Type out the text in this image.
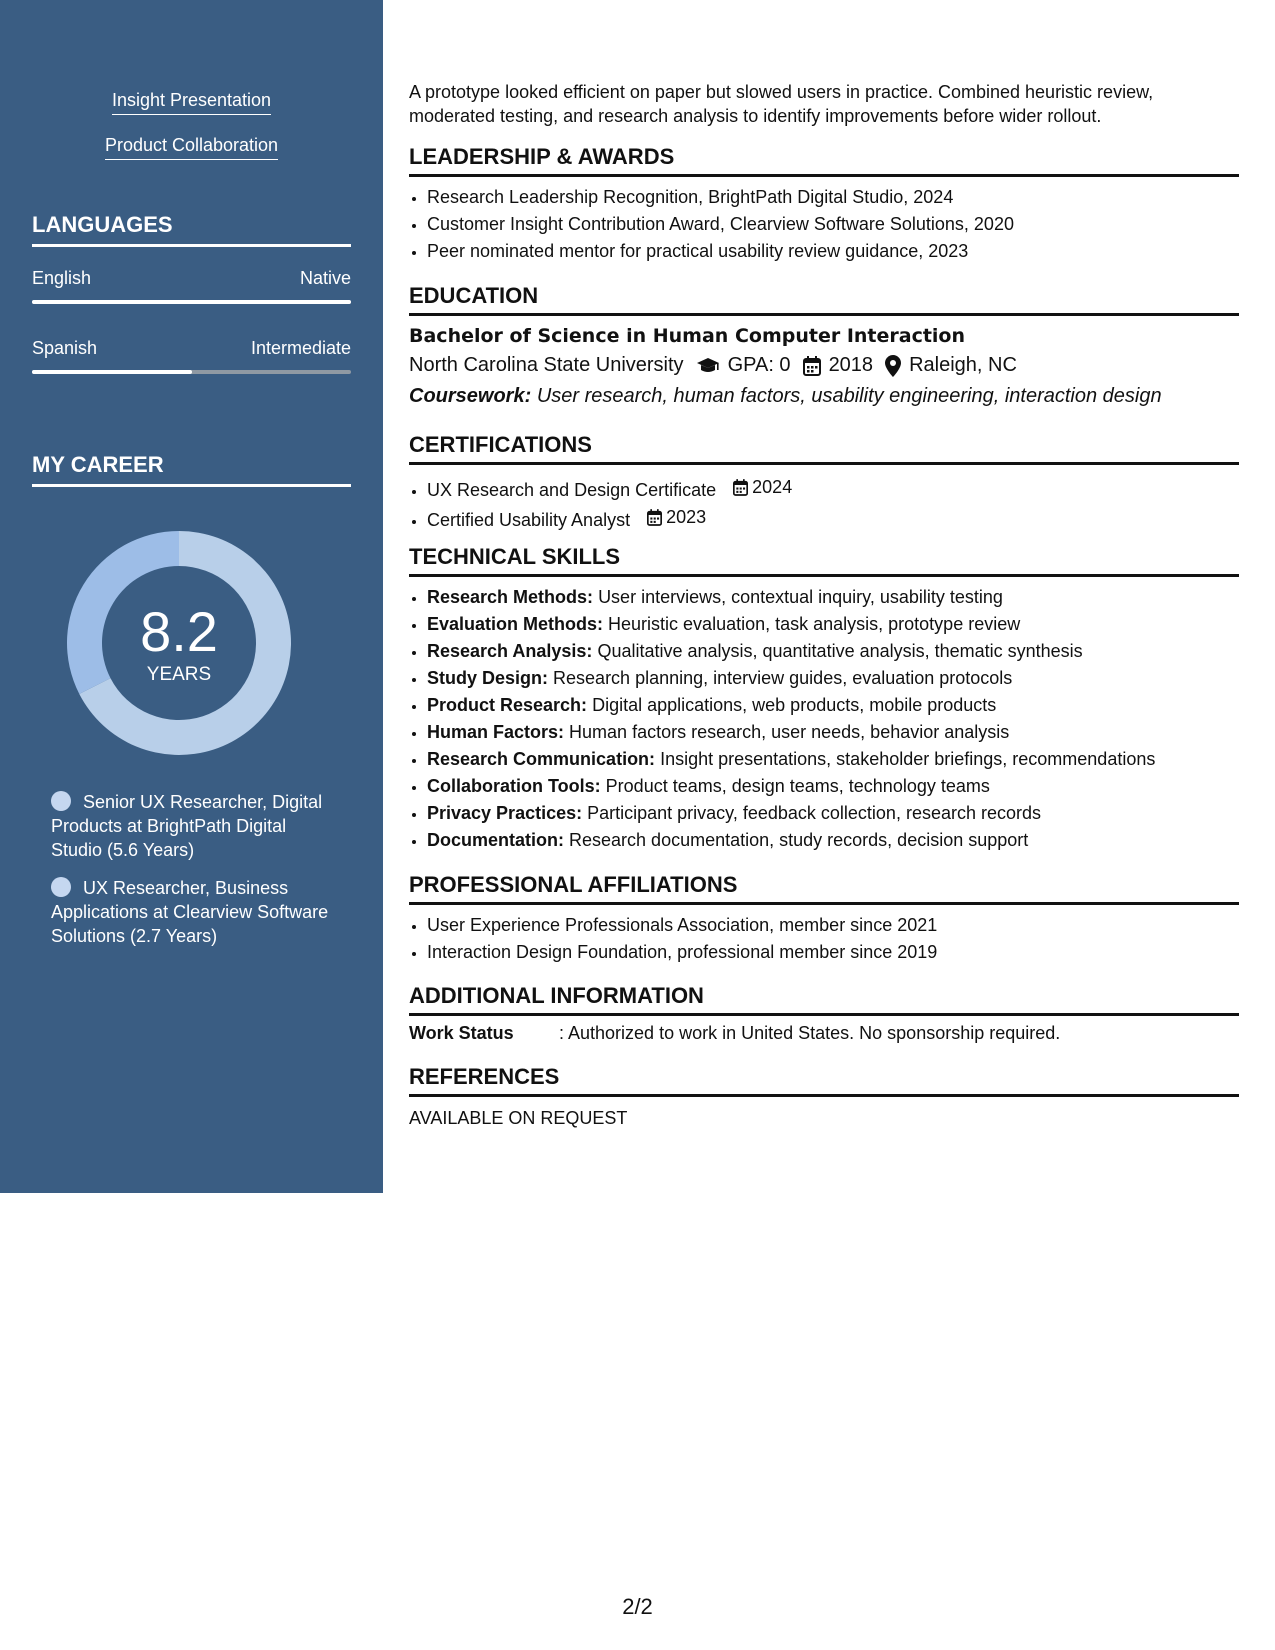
Insight Presentation
Product Collaboration
LANGUAGES
English	Native
Spanish	Intermediate
MY CAREER
8.2
YEARS
Senior UX Researcher, Digital Products at BrightPath Digital Studio (5.6 Years)
UX Researcher, Business Applications at Clearview Software Solutions (2.7 Years)
A prototype looked efficient on paper but slowed users in practice. Combined heuristic review, moderated testing, and research analysis to identify improvements before wider rollout.
LEADERSHIP & AWARDS
• Research Leadership Recognition, BrightPath Digital Studio, 2024
• Customer Insight Contribution Award, Clearview Software Solutions, 2020
• Peer nominated mentor for practical usability review guidance, 2023
EDUCATION
Bachelor of Science in Human Computer Interaction
North Carolina State University GPA: 0 2018 Raleigh, NC
Coursework: User research, human factors, usability engineering, interaction design
CERTIFICATIONS
• UX Research and Design Certificate 2024
• Certified Usability Analyst 2023
TECHNICAL SKILLS
• Research Methods: User interviews, contextual inquiry, usability testing
• Evaluation Methods: Heuristic evaluation, task analysis, prototype review
• Research Analysis: Qualitative analysis, quantitative analysis, thematic synthesis
• Study Design: Research planning, interview guides, evaluation protocols
• Product Research: Digital applications, web products, mobile products
• Human Factors: Human factors research, user needs, behavior analysis
• Research Communication: Insight presentations, stakeholder briefings, recommendations
• Collaboration Tools: Product teams, design teams, technology teams
• Privacy Practices: Participant privacy, feedback collection, research records
• Documentation: Research documentation, study records, decision support
PROFESSIONAL AFFILIATIONS
• User Experience Professionals Association, member since 2021
• Interaction Design Foundation, professional member since 2019
ADDITIONAL INFORMATION
Work Status	: Authorized to work in United States. No sponsorship required.
REFERENCES
AVAILABLE ON REQUEST
2/2
